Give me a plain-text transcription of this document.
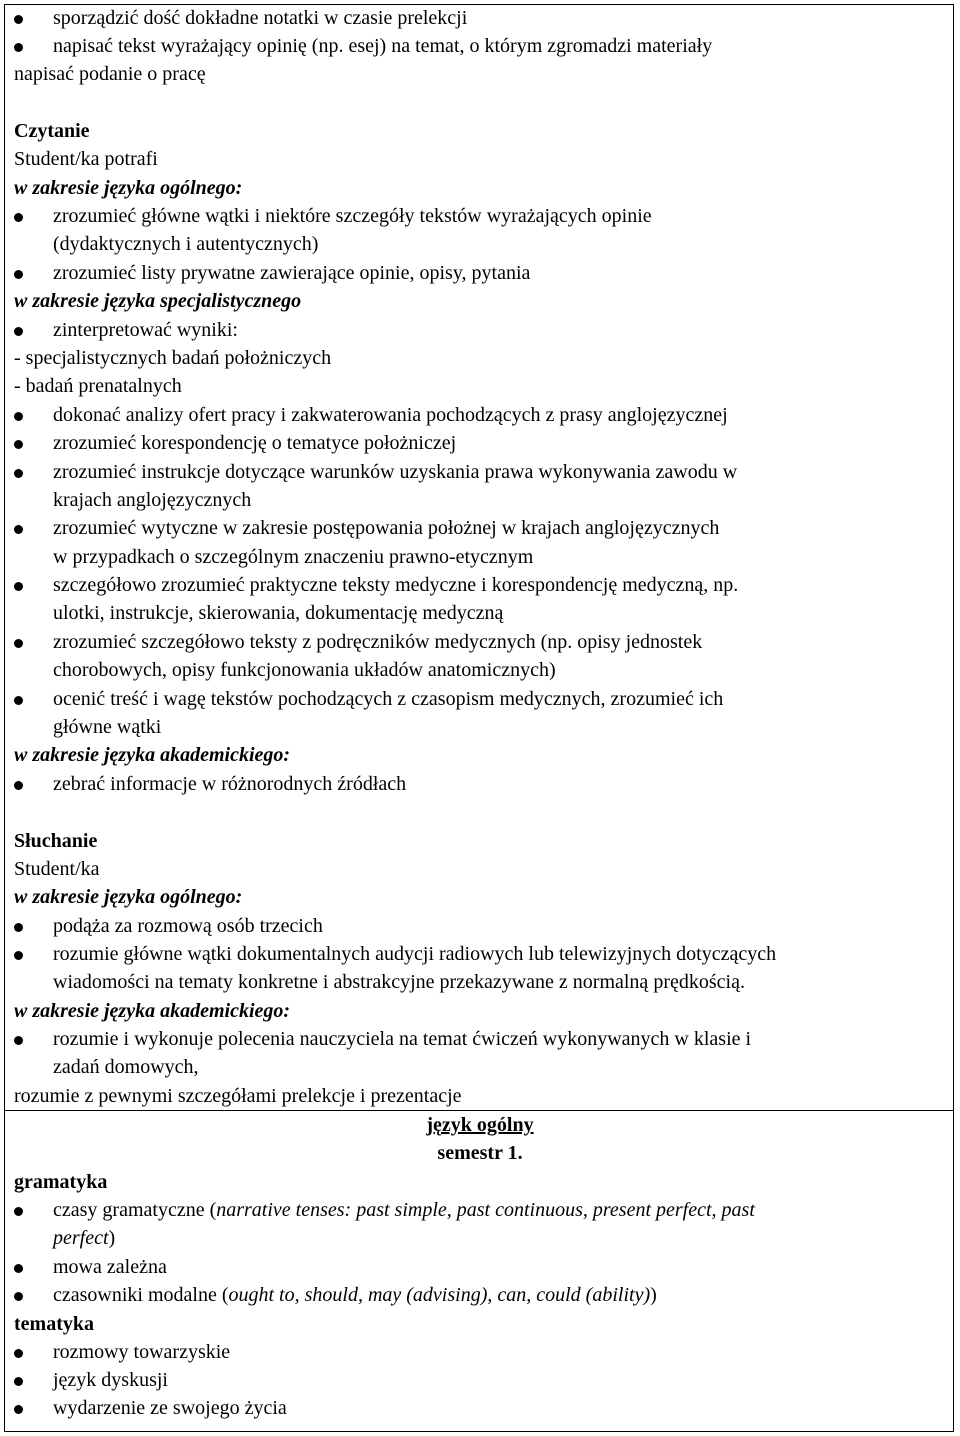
sporządzić dość dokładne notatki w czasie prelekcji
napisać tekst wyrażający opinię (np. esej) na temat, o którym zgromadzi materiały
napisać podanie o pracę
Czytanie
Student/ka potrafi
w zakresie języka ogólnego:
zrozumieć główne wątki i niektóre szczegóły tekstów wyrażających opinie
(dydaktycznych i autentycznych)
zrozumieć listy prywatne zawierające opinie, opisy, pytania
w zakresie języka specjalistycznego
zinterpretować wyniki:
- specjalistycznych badań położniczych
- badań prenatalnych
dokonać analizy ofert pracy i zakwaterowania pochodzących z prasy anglojęzycznej
zrozumieć korespondencję o tematyce położniczej
zrozumieć instrukcje dotyczące warunków uzyskania prawa wykonywania zawodu w
krajach anglojęzycznych
zrozumieć wytyczne w zakresie postępowania położnej w krajach anglojęzycznych
w przypadkach o szczególnym znaczeniu prawno-etycznym
szczegółowo zrozumieć praktyczne teksty medyczne i korespondencję medyczną, np.
ulotki, instrukcje, skierowania, dokumentację medyczną
zrozumieć szczegółowo teksty z podręczników medycznych (np. opisy jednostek
chorobowych, opisy funkcjonowania układów anatomicznych)
ocenić treść i wagę tekstów pochodzących z czasopism medycznych, zrozumieć ich
główne wątki
w zakresie języka akademickiego:
zebrać informacje w różnorodnych źródłach
Słuchanie
Student/ka
w zakresie języka ogólnego:
podąża za rozmową osób trzecich
rozumie główne wątki dokumentalnych audycji radiowych lub telewizyjnych dotyczących
wiadomości na tematy konkretne i abstrakcyjne przekazywane z normalną prędkością.
w zakresie języka akademickiego:
rozumie i wykonuje polecenia nauczyciela na temat ćwiczeń wykonywanych w klasie i
zadań domowych,
rozumie z pewnymi szczegółami prelekcje i prezentacje
język ogólny
semestr 1.
gramatyka
czasy gramatyczne (narrative tenses: past simple, past continuous, present perfect, past
perfect)
mowa zależna
czasowniki modalne (ought to, should, may (advising), can, could (ability))
tematyka
rozmowy towarzyskie
język dyskusji
wydarzenie ze swojego życia
